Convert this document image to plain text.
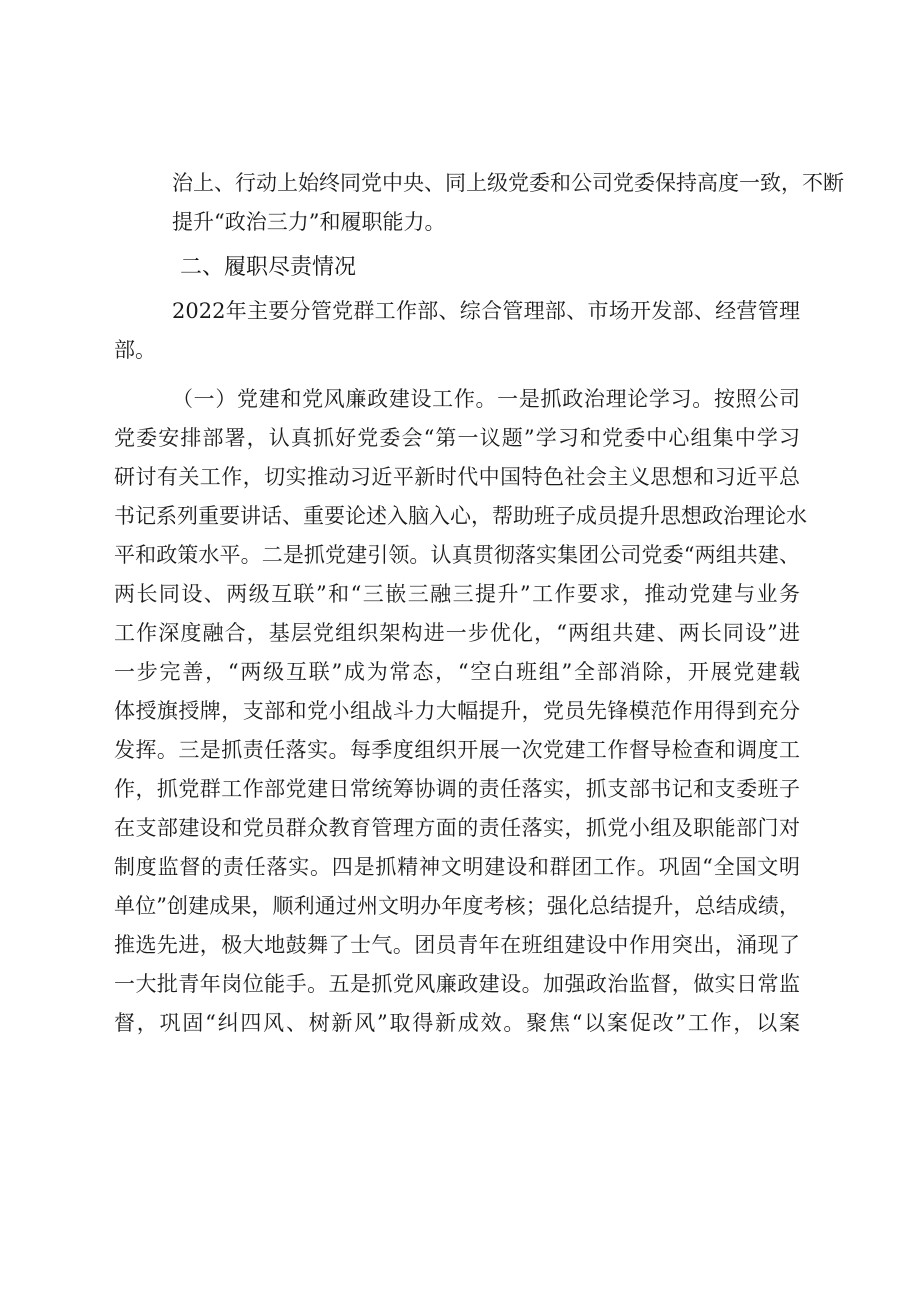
治上、行动上始终同党中央、同上级党委和公司党委保持高度一致，不断
提升“政治三力”和履职能力。
二、履职尽责情况
2022年主要分管党群工作部、综合管理部、市场开发部、经营管理
部。
（一）党建和党风廉政建设工作。一是抓政治理论学习。按照公司
党委安排部署，认真抓好党委会“第一议题”学习和党委中心组集中学习
研讨有关工作，切实推动习近平新时代中国特色社会主义思想和习近平总
书记系列重要讲话、重要论述入脑入心，帮助班子成员提升思想政治理论水
平和政策水平。二是抓党建引领。认真贯彻落实集团公司党委“两组共建、
两长同设、两级互联”和“三嵌三融三提升”工作要求，推动党建与业务
工作深度融合，基层党组织架构进一步优化，“两组共建、两长同设”进
一步完善，“两级互联”成为常态，“空白班组”全部消除，开展党建载
体授旗授牌，支部和党小组战斗力大幅提升，党员先锋模范作用得到充分
发挥。三是抓责任落实。每季度组织开展一次党建工作督导检查和调度工
作，抓党群工作部党建日常统筹协调的责任落实，抓支部书记和支委班子
在支部建设和党员群众教育管理方面的责任落实，抓党小组及职能部门对
制度监督的责任落实。四是抓精神文明建设和群团工作。巩固“全国文明
单位”创建成果，顺利通过州文明办年度考核；强化总结提升，总结成绩，
推选先进，极大地鼓舞了士气。团员青年在班组建设中作用突出，涌现了
一大批青年岗位能手。五是抓党风廉政建设。加强政治监督，做实日常监
督，巩固“纠四风、树新风”取得新成效。聚焦“以案促改”工作，以案
